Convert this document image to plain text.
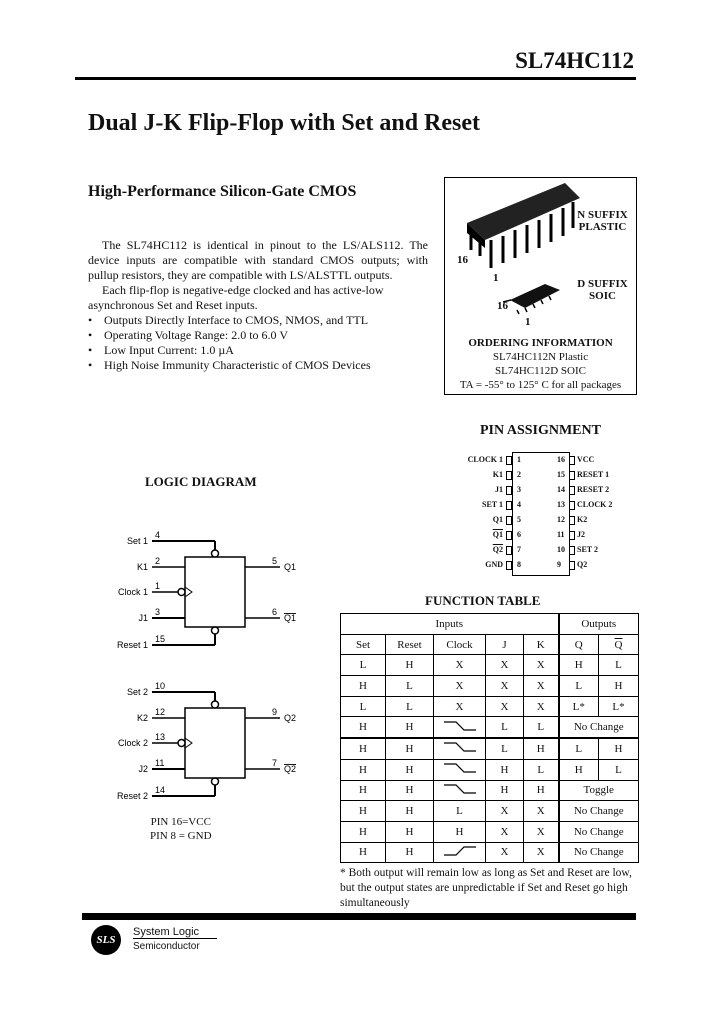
SL74HC112
Dual J-K Flip-Flop with Set and Reset
High-Performance Silicon-Gate CMOS

The SL74HC112 is identical in pinout to the LS/ALS112. The device inputs are compatible with standard CMOS outputs; with pullup resistors, they are compatible with LS/ALSTTL outputs.

Each flip-flop is negative-edge clocked and has active-low asynchronous Set and Reset inputs.

• Outputs Directly Interface to CMOS, NMOS, and TTL
• Operating Voltage Range: 2.0 to 6.0 V
• Low Input Current: 1.0 µA
• High Noise Immunity Characteristic of CMOS Devices
16
1
16
1
N SUFFIX
PLASTIC
D SUFFIX
SOIC
ORDERING INFORMATION
SL74HC112N Plastic
SL74HC112D SOIC
TA = -55° to 125° C for all packages
PIN ASSIGNMENT
CLOCK 1 1
K1 2
J1 3
SET 1 4
Q1 5
Q1 6
Q2 7
GND 8
VCC
16
RESET 1
15
RESET 2
14
CLOCK 2
13
K2
12
J2
11
SET 2
10
Q2
9
LOGIC DIAGRAM
Set 1
4
K1
2
Clock 1
1
J1
3
Reset 1
15
5
Q1
6
Q1
Set 2
10
K2
12
Clock 2
13
J2
11
Reset 2
14
9
Q2
7
Q2
PIN 16=VCC
PIN 8 = GND
FUNCTION TABLE
Inputs					Outputs	
Set	Reset	Clock	J	K	Q	$\overline{Q}$
L	H	X	X	X	H	L
H	L	X	X	X	L	H
L	L	X	X	X	L*	L*
H	H		L	L	No Change	
H	H		L	H	L	H
H	H		H	L	H	L
H	H		H	H	Toggle	
H	H	L	X	X	No Change	
H	H	H	X	X	No Change	
H	H		X	X	No Change	
* Both output will remain low as long as Set and Reset are low, but the output states are unpredictable if Set and Reset go high simultaneously
SLS
System Logic
Semiconductor
